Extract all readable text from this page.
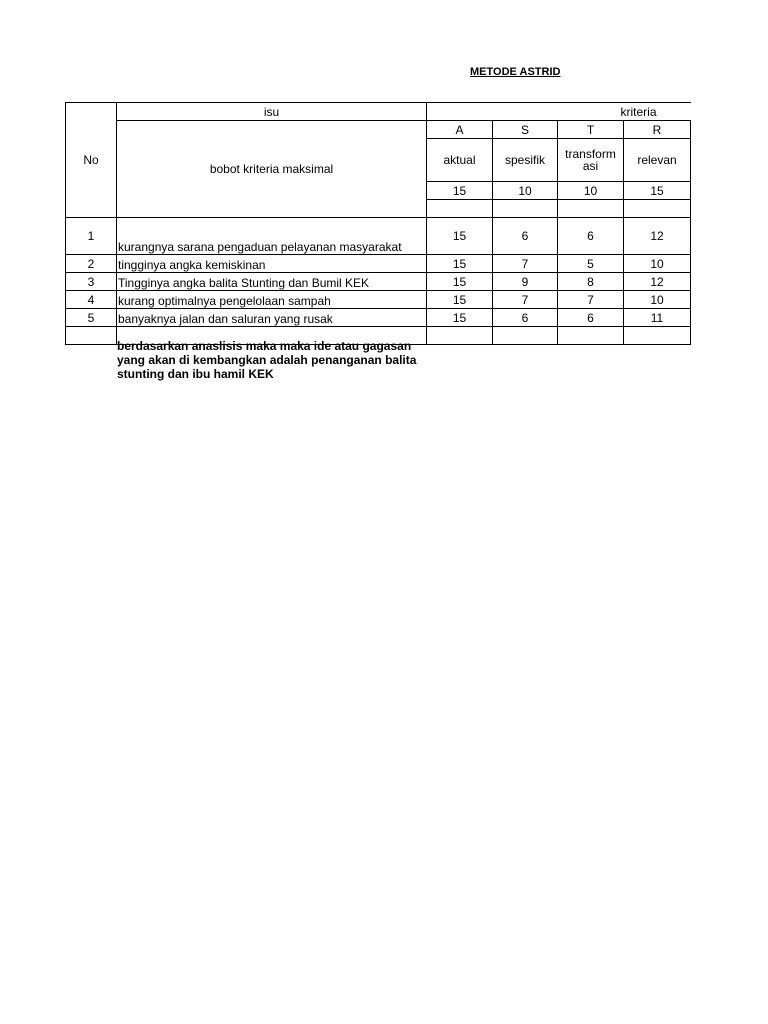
METODE ASTRID
No	isu	kriteria			
	bobot kriteria maksimal	A	S	T	R
		aktual	spesifik	transform asi	relevan
		15	10	10	15

1	kurangnya sarana pengaduan pelayanan masyarakat	15	6	6	12
2	tingginya angka kemiskinan	15	7	5	10
3	Tingginya angka balita Stunting dan Bumil KEK	15	9	8	12
4	kurang optimalnya pengelolaan sampah	15	7	7	10
5	banyaknya jalan dan saluran yang rusak	15	6	6	11

berdasarkan anaslisis maka maka ide atau gagasan yang akan di kembangkan adalah penanganan balita stunting dan ibu hamil KEK
